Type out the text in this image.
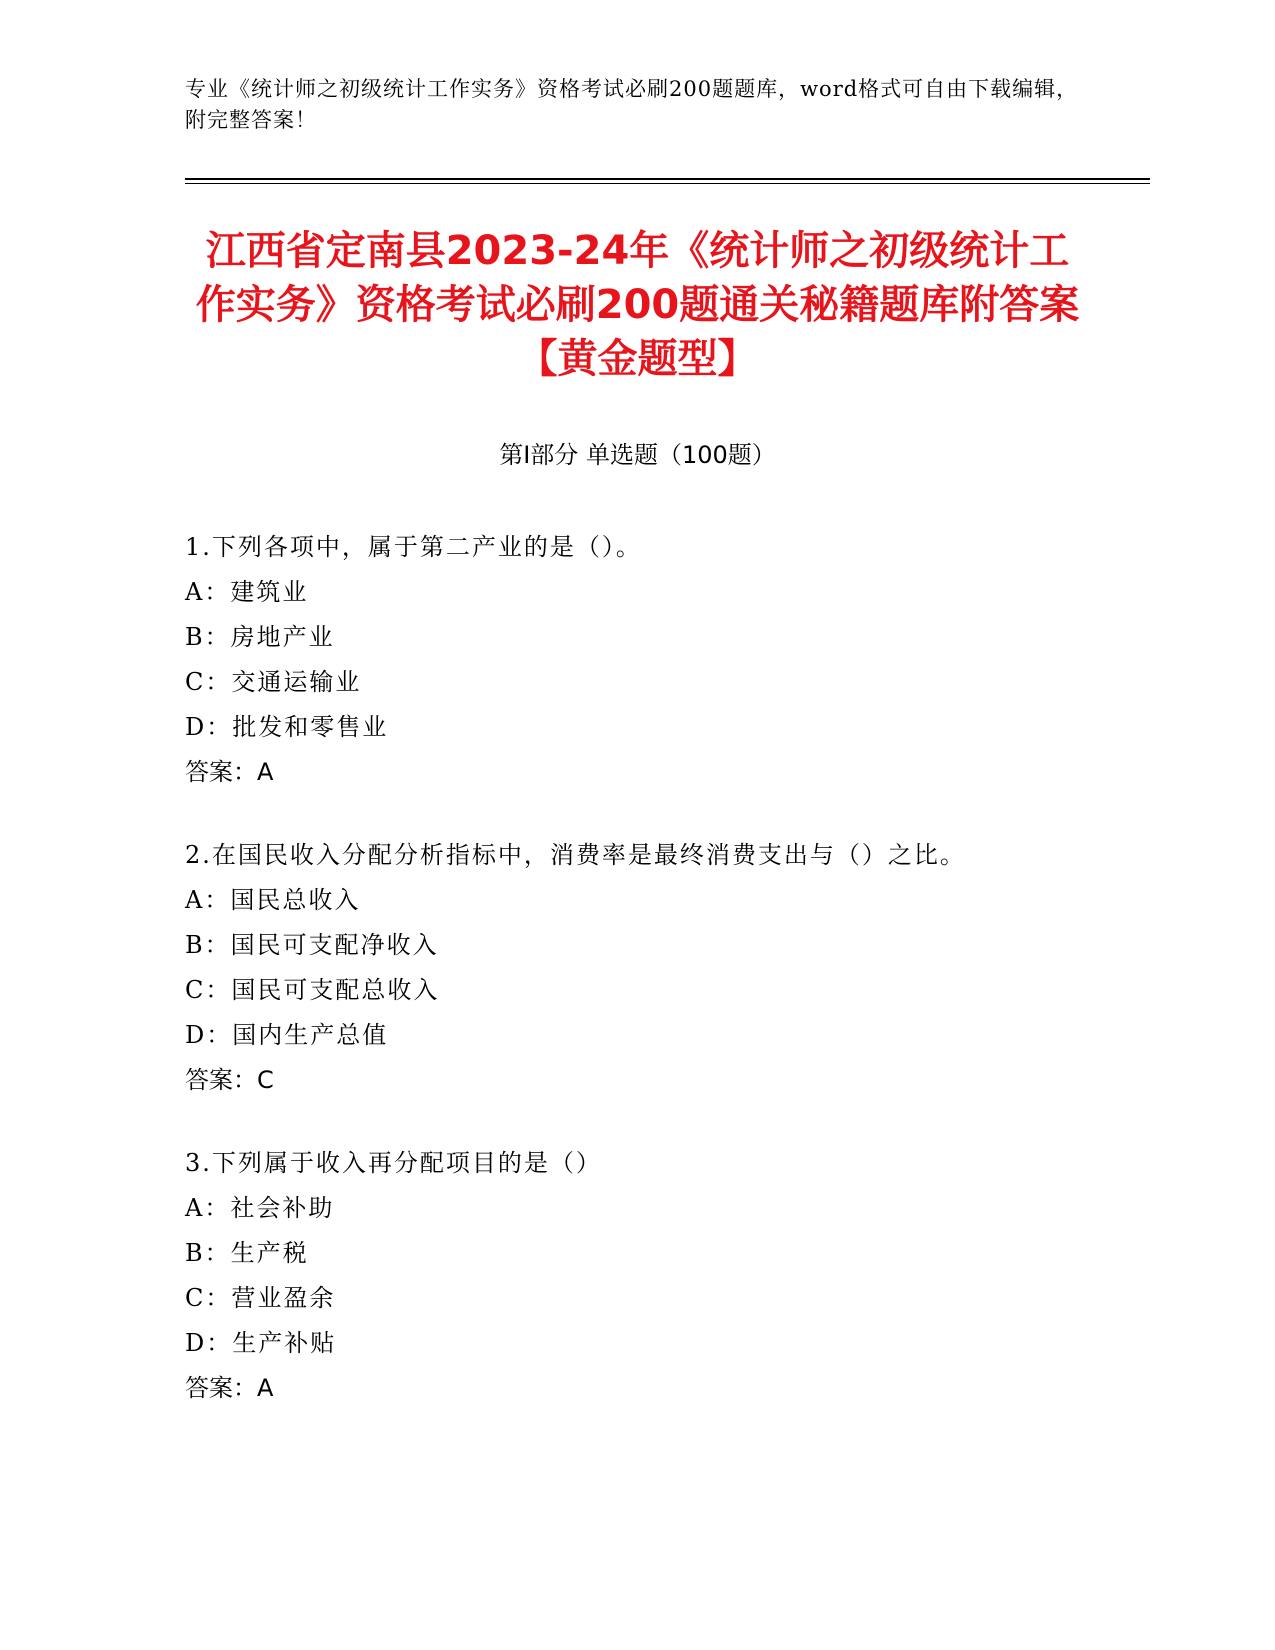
专业《统计师之初级统计工作实务》资格考试必刷200题题库，word格式可自由下载编辑，附完整答案！
江西省定南县2023-24年《统计师之初级统计工作实务》资格考试必刷200题通关秘籍题库附答案【黄金题型】
第Ⅰ部分 单选题（100题）
1.下列各项中，属于第二产业的是（）。
A：建筑业
B：房地产业
C：交通运输业
D：批发和零售业
答案：A
2.在国民收入分配分析指标中，消费率是最终消费支出与（）之比。
A：国民总收入
B：国民可支配净收入
C：国民可支配总收入
D：国内生产总值
答案：C
3.下列属于收入再分配项目的是（）
A：社会补助
B：生产税
C：营业盈余
D：生产补贴
答案：A
